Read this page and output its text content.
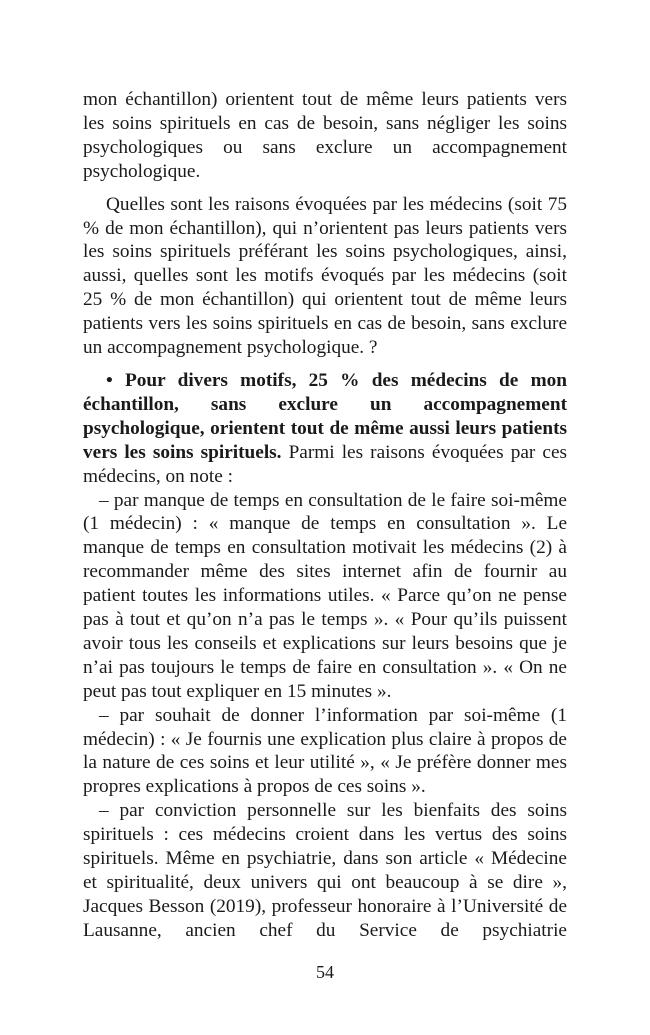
mon échantillon) orientent tout de même leurs patients vers les soins spirituels en cas de besoin, sans négliger les soins psychologiques ou sans exclure un accompagnement psychologique.

Quelles sont les raisons évoquées par les médecins (soit 75 % de mon échantillon), qui n’orientent pas leurs patients vers les soins spirituels préférant les soins psychologiques, ainsi, aussi, quelles sont les motifs évoqués par les médecins (soit 25 % de mon échantillon) qui orientent tout de même leurs patients vers les soins spirituels en cas de besoin, sans exclure un accompagnement psychologique. ?

• Pour divers motifs, 25 % des médecins de mon échantillon, sans exclure un accompagnement psychologique, orientent tout de même aussi leurs patients vers les soins spirituels. Parmi les raisons évoquées par ces médecins, on note :

– par manque de temps en consultation de le faire soi-même (1 médecin) : « manque de temps en consultation ». Le manque de temps en consultation motivait les médecins (2) à recommander même des sites internet afin de fournir au patient toutes les informations utiles. « Parce qu’on ne pense pas à tout et qu’on n’a pas le temps ». « Pour qu’ils puissent avoir tous les conseils et explications sur leurs besoins que je n’ai pas toujours le temps de faire en consultation ». « On ne peut pas tout expliquer en 15 minutes ».

– par souhait de donner l’information par soi-même (1 médecin) : « Je fournis une explication plus claire à propos de la nature de ces soins et leur utilité », « Je préfère donner mes propres explications à propos de ces soins ».

– par conviction personnelle sur les bienfaits des soins spirituels : ces médecins croient dans les vertus des soins spirituels. Même en psychiatrie, dans son article « Médecine et spiritualité, deux univers qui ont beaucoup à se dire », Jacques Besson (2019), professeur honoraire à l’Université de Lausanne, ancien chef du Service de psychiatrie

54
